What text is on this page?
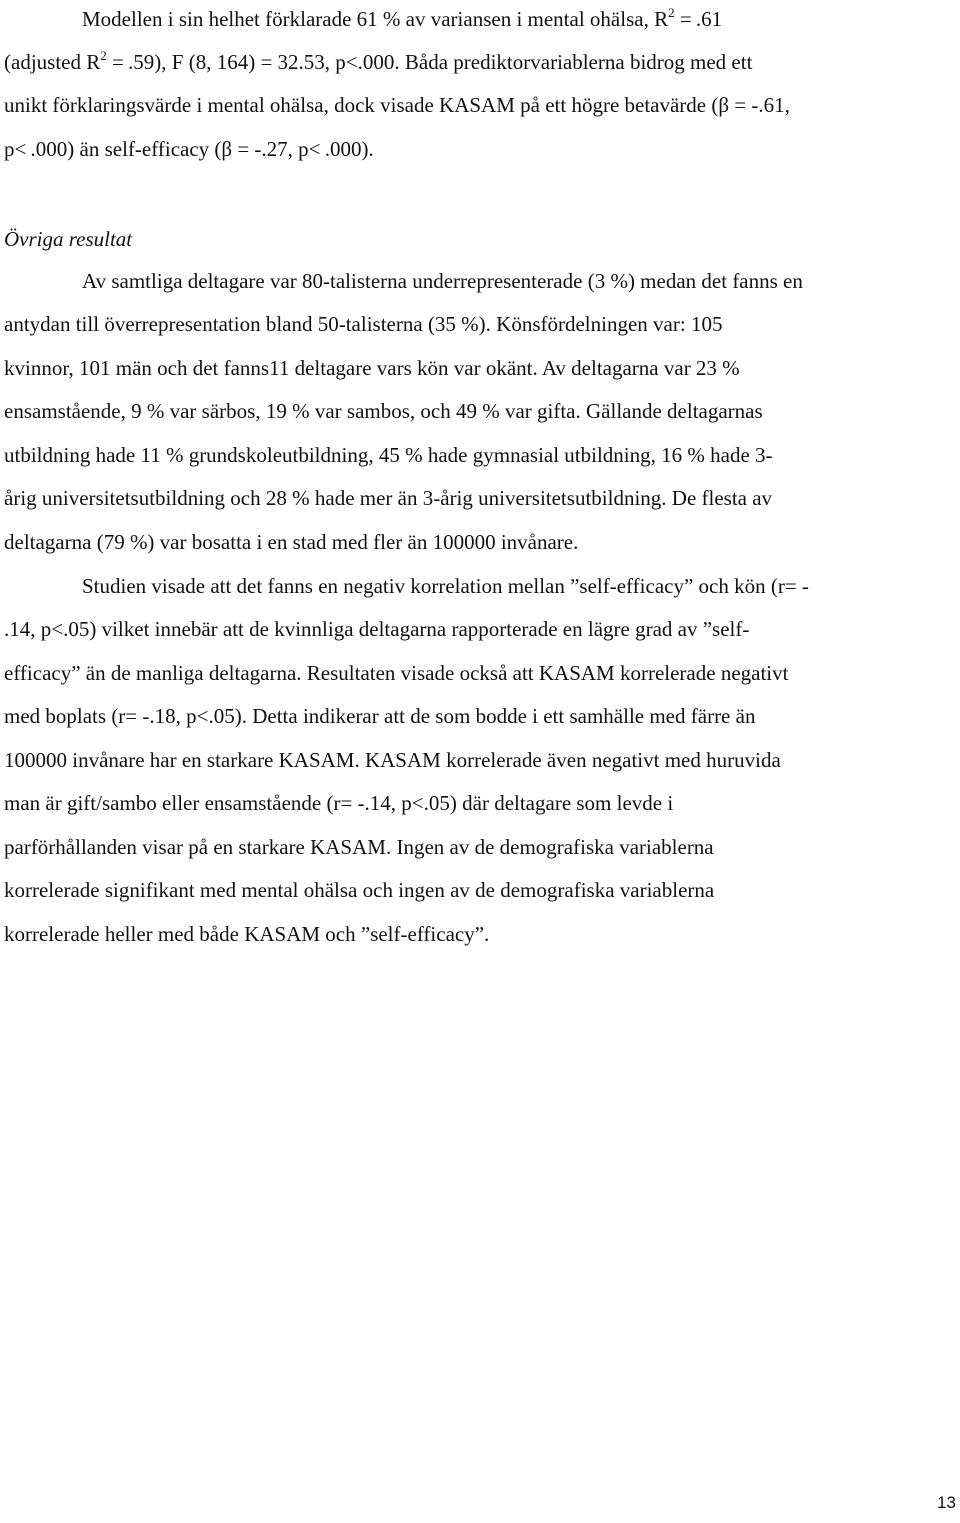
Modellen i sin helhet förklarade 61 % av variansen i mental ohälsa, $R^2 = .61$
(adjusted $R^2 = .59$), F (8, 164) = 32.53, p<.000. Båda prediktorvariablerna bidrog med ett
unikt förklaringsvärde i mental ohälsa, dock visade KASAM på ett högre betavärde (β = -.61,
p< .000) än self-efficacy (β = -.27, p< .000).
Övriga resultat
Av samtliga deltagare var 80-talisterna underrepresenterade (3 %) medan det fanns en
antydan till överrepresentation bland 50-talisterna (35 %). Könsfördelningen var: 105
kvinnor, 101 män och det fanns11 deltagare vars kön var okänt. Av deltagarna var 23 %
ensamstående, 9 % var särbos, 19 % var sambos, och 49 % var gifta. Gällande deltagarnas
utbildning hade 11 % grundskoleutbildning, 45 % hade gymnasial utbildning, 16 % hade 3-
årig universitetsutbildning och 28 % hade mer än 3-årig universitetsutbildning. De flesta av
deltagarna (79 %) var bosatta i en stad med fler än 100000 invånare.
Studien visade att det fanns en negativ korrelation mellan ”self-efficacy” och kön (r= -
.14, p<.05) vilket innebär att de kvinnliga deltagarna rapporterade en lägre grad av ”self-
efficacy” än de manliga deltagarna. Resultaten visade också att KASAM korrelerade negativt
med boplats (r= -.18, p<.05). Detta indikerar att de som bodde i ett samhälle med färre än
100000 invånare har en starkare KASAM. KASAM korrelerade även negativt med huruvida
man är gift/sambo eller ensamstående (r= -.14, p<.05) där deltagare som levde i
parförhållanden visar på en starkare KASAM. Ingen av de demografiska variablerna
korrelerade signifikant med mental ohälsa och ingen av de demografiska variablerna
korrelerade heller med både KASAM och ”self-efficacy”.
13
